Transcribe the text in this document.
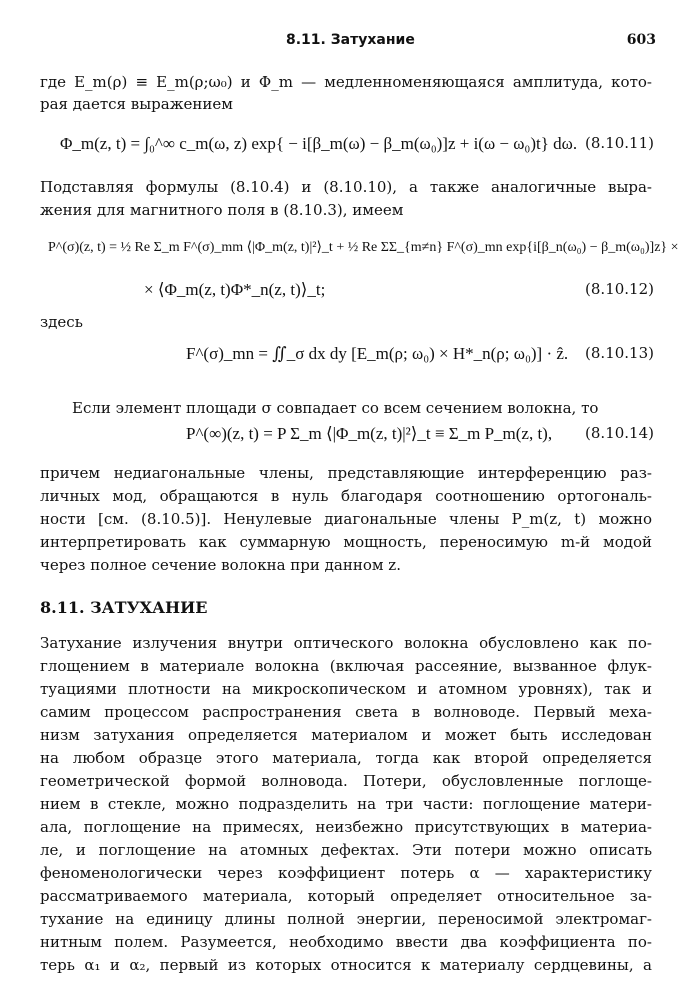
8.11. Затухание	603
где E_m(ρ) ≡ E_m(ρ;ω₀) и Φ_m — медленноменяющаяся амплитуда, кото-
рая дается выражением
Φ_m(z, t) = ∫₀^∞ c_m(ω, z) exp{ − i[β_m(ω) − β_m(ω₀)]z + i(ω − ω₀)t} dω. (8.10.11)
Подставляя формулы (8.10.4) и (8.10.10), а также аналогичные выра-
жения для магнитного поля в (8.10.3), имеем
P^(σ)(z, t) = ½ Re Σ_m F^(σ)_mm ⟨|Φ_m(z, t)|²⟩_t + ½ Re ΣΣ_{m≠n} F^(σ)_mn exp{i[β_n(ω₀) − β_m(ω₀)]z} ×
× ⟨Φ_m(z, t)Φ*_n(z, t)⟩_t;	(8.10.12)
здесь
F^(σ)_mn = ∬_σ dx dy [E_m(ρ; ω₀) × H*_n(ρ; ω₀)] · ẑ. (8.10.13)
Если элемент площади σ совпадает со всем сечением волокна, то
P^(∞)(z, t) = P Σ_m ⟨|Φ_m(z, t)|²⟩_t ≡ Σ_m P_m(z, t), (8.10.14)
причем недиагональные члены, представляющие интерференцию раз-
личных мод, обращаются в нуль благодаря соотношению ортогональ-
ности [см. (8.10.5)]. Ненулевые диагональные члены P_m(z, t) можно
интерпретировать как суммарную мощность, переносимую m-й модой
через полное сечение волокна при данном z.
8.11. ЗАТУХАНИЕ
Затухание излучения внутри оптического волокна обусловлено как по-
глощением в материале волокна (включая рассеяние, вызванное флук-
туациями плотности на микроскопическом и атомном уровнях), так и
самим процессом распространения света в волноводе. Первый меха-
низм затухания определяется материалом и может быть исследован
на любом образце этого материала, тогда как второй определяется
геометрической формой волновода. Потери, обусловленные поглоще-
нием в стекле, можно подразделить на три части: поглощение матери-
ала, поглощение на примесях, неизбежно присутствующих в материа-
ле, и поглощение на атомных дефектах. Эти потери можно описать
феноменологически через коэффициент потерь α — характеристику
рассматриваемого материала, который определяет относительное за-
тухание на единицу длины полной энергии, переносимой электромаг-
нитным полем. Разумеется, необходимо ввести два коэффициента по-
терь α₁ и α₂, первый из которых относится к материалу сердцевины, а
